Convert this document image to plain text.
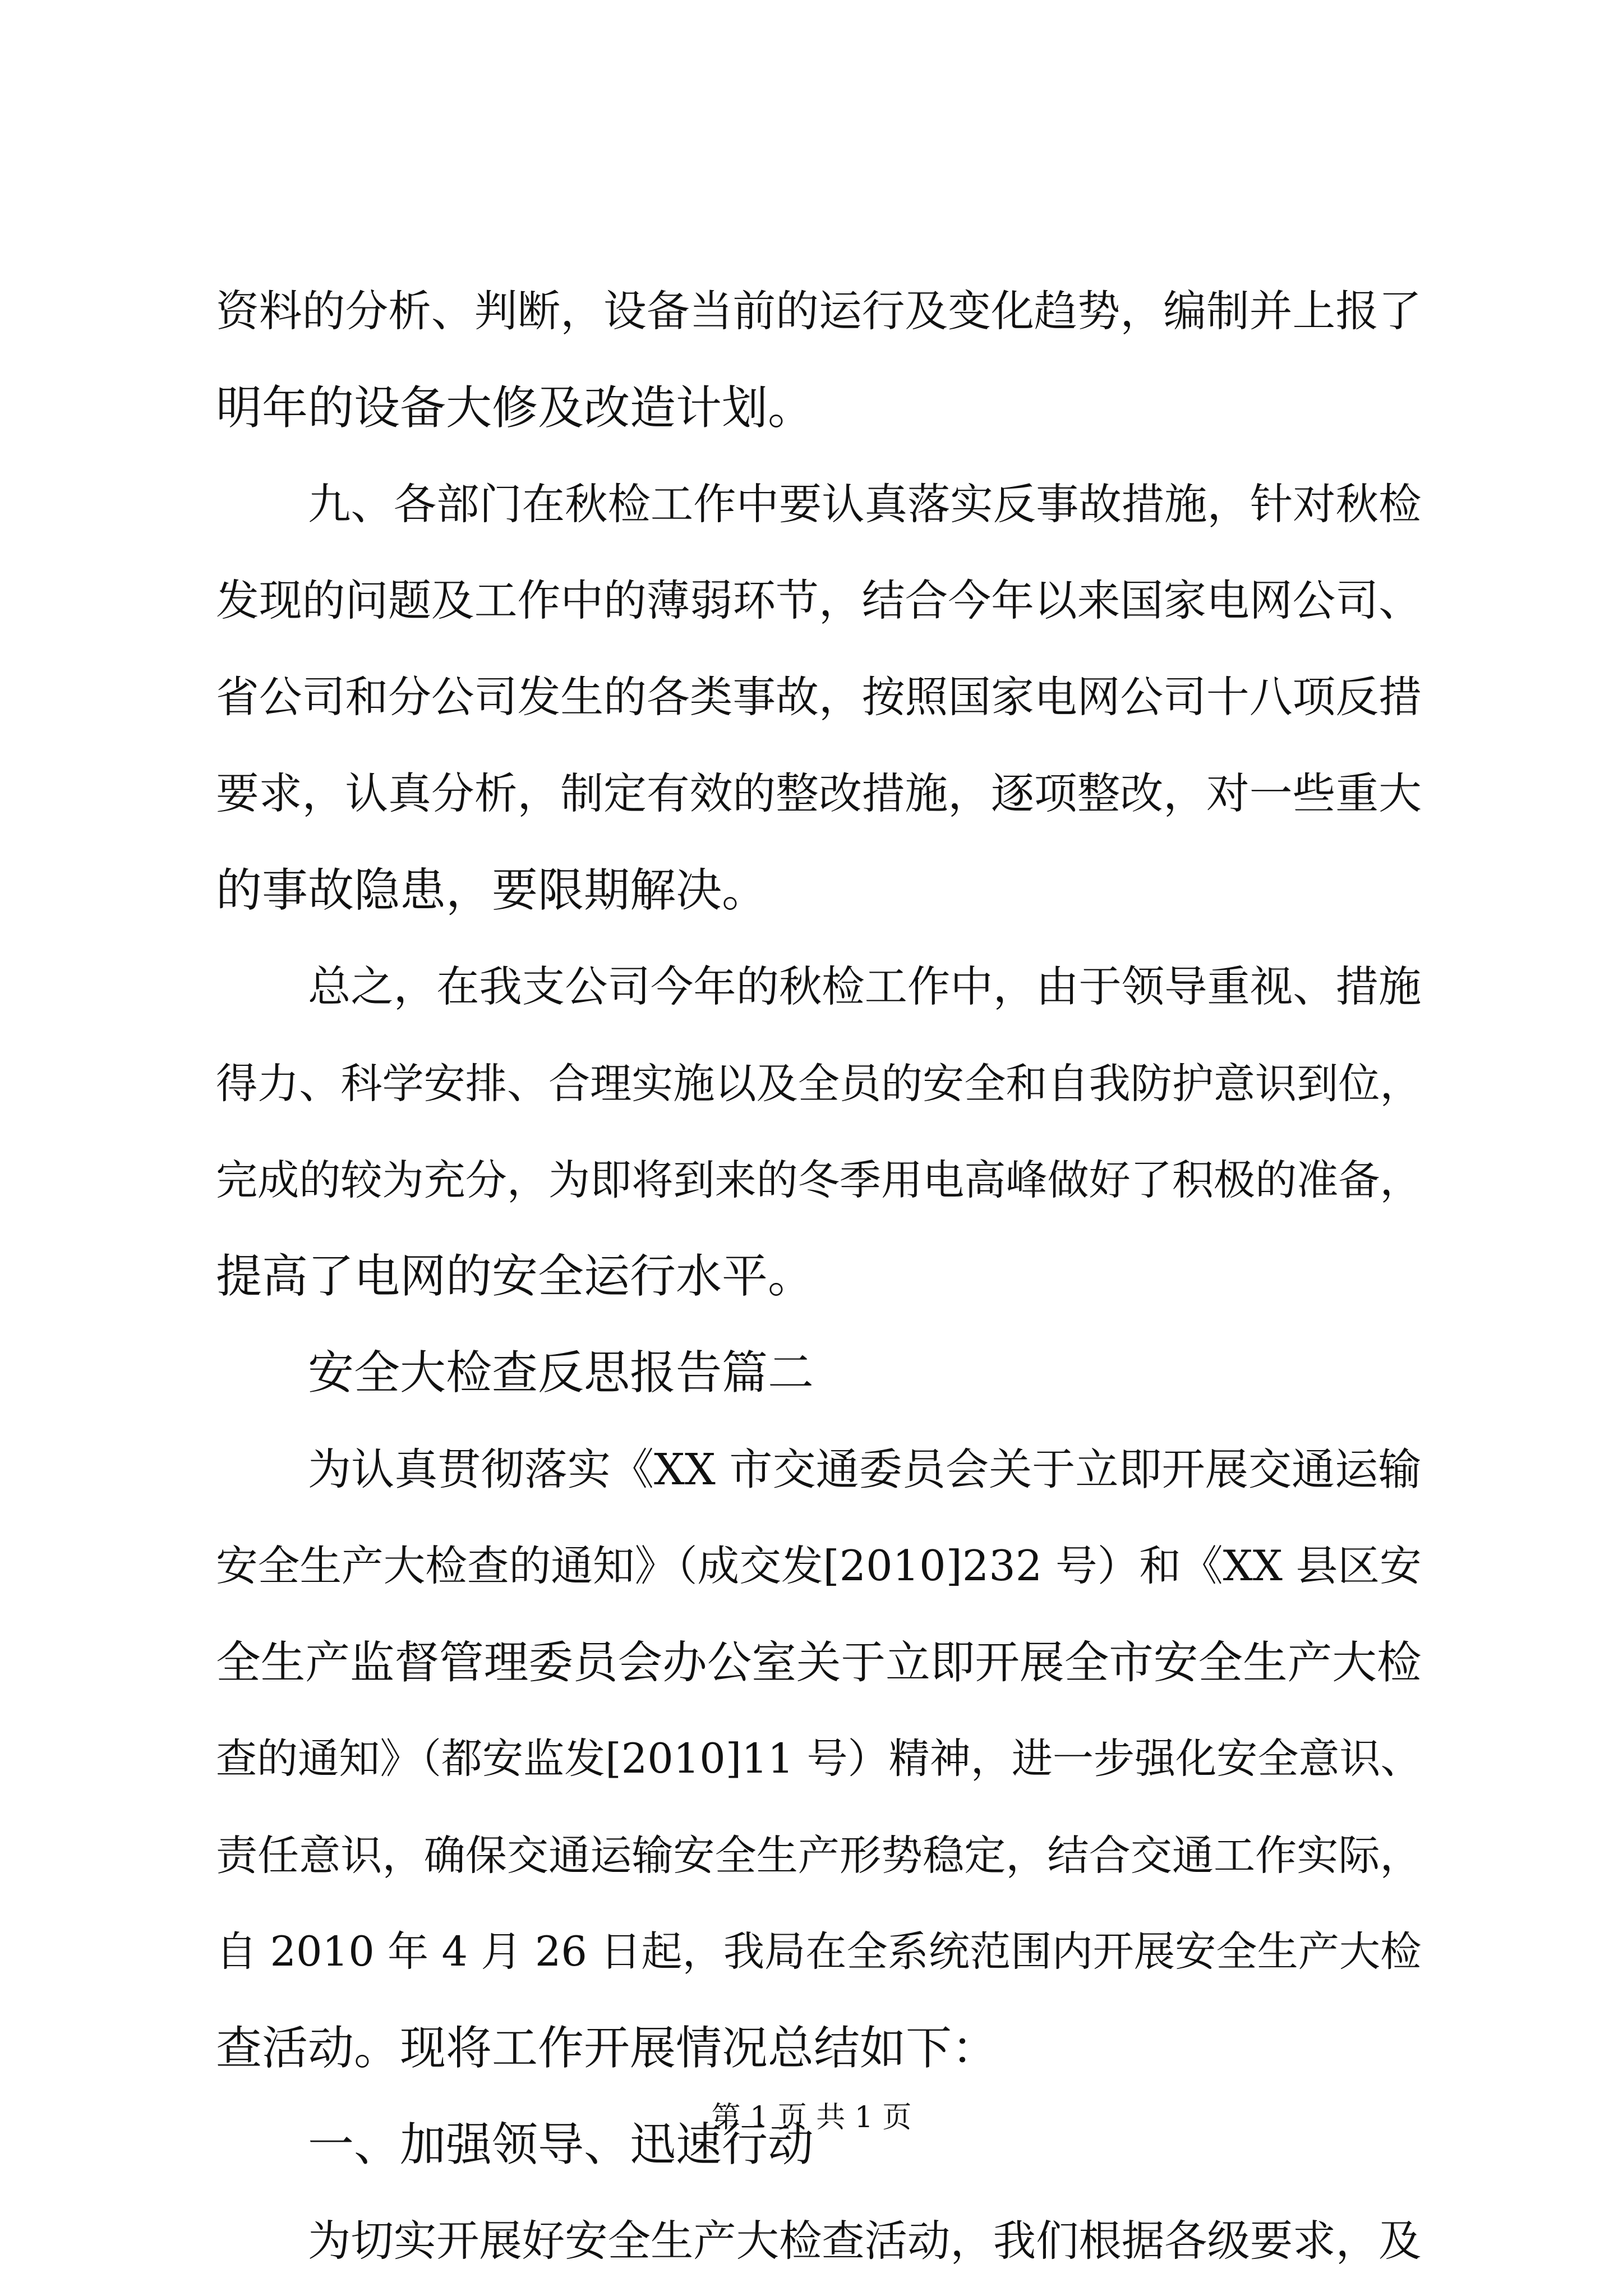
资料的分析、判断，设备当前的运行及变化趋势，编制并上报了
明年的设备大修及改造计划。
九、各部门在秋检工作中要认真落实反事故措施，针对秋检
发现的问题及工作中的薄弱环节，结合今年以来国家电网公司、
省公司和分公司发生的各类事故，按照国家电网公司十八项反措
要求，认真分析，制定有效的整改措施，逐项整改，对一些重大
的事故隐患，要限期解决。
总之，在我支公司今年的秋检工作中，由于领导重视、措施
得力、科学安排、合理实施以及全员的安全和自我防护意识到位，
完成的较为充分，为即将到来的冬季用电高峰做好了积极的准备，
提高了电网的安全运行水平。
安全大检查反思报告篇二
为认真贯彻落实《XX 市交通委员会关于立即开展交通运输
安全生产大检查的通知》（成交发[2010]232 号）和《XX 县区安
全生产监督管理委员会办公室关于立即开展全市安全生产大检
查的通知》（都安监发[2010]11 号）精神，进一步强化安全意识、
责任意识，确保交通运输安全生产形势稳定，结合交通工作实际，
自 2010 年 4 月 26 日起，我局在全系统范围内开展安全生产大检
查活动。现将工作开展情况总结如下：
一、加强领导、迅速行动
为切实开展好安全生产大检查活动，我们根据各级要求，及
第 1 页 共 1 页
